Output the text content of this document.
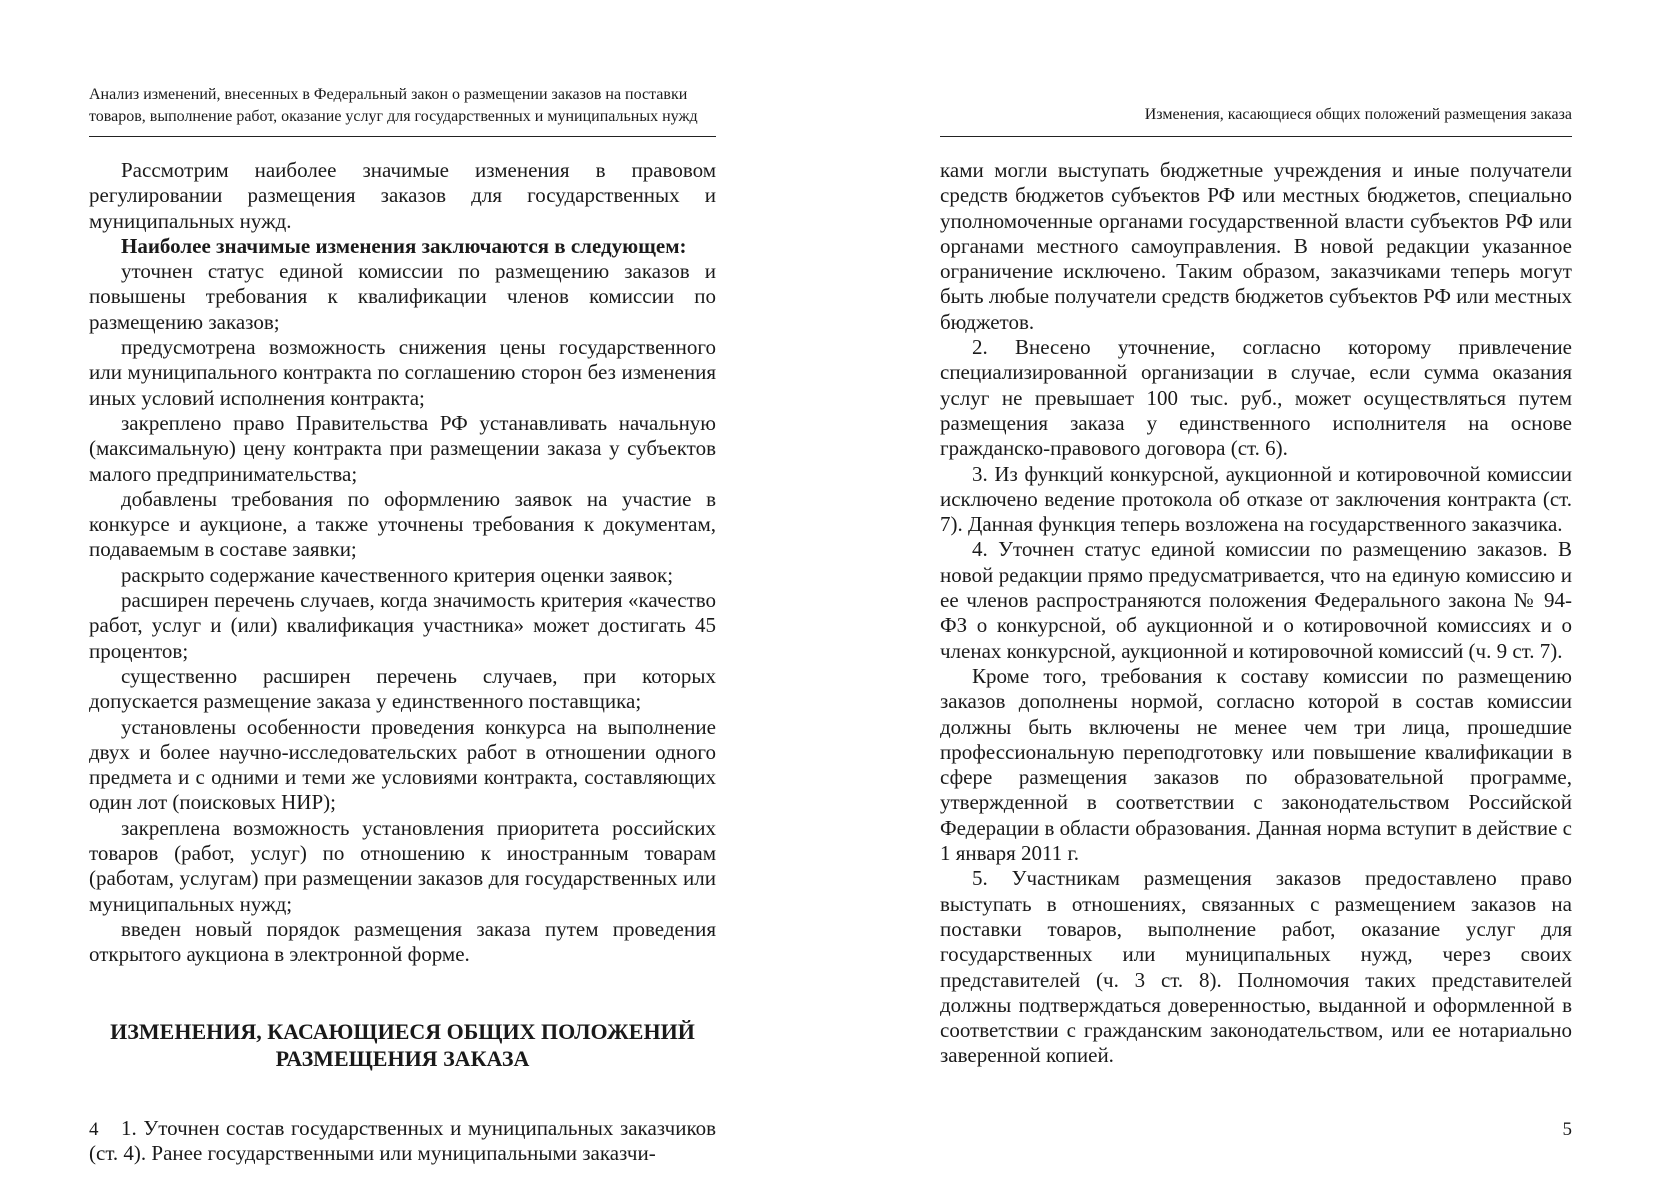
Анализ изменений, внесенных в Федеральный закон о размещении заказов на поставки
товаров, выполнение работ, оказание услуг для государственных и муниципальных нужд

Рассмотрим наиболее значимые изменения в правовом регулировании размещения заказов для государственных и муниципальных нужд.

Наиболее значимые изменения заключаются в следующем:

уточнен статус единой комиссии по размещению заказов и повышены требования к квалификации членов комиссии по размещению заказов;

предусмотрена возможность снижения цены государственного или муниципального контракта по соглашению сторон без изменения иных условий исполнения контракта;

закреплено право Правительства РФ устанавливать начальную (максимальную) цену контракта при размещении заказа у субъектов малого предпринимательства;

добавлены требования по оформлению заявок на участие в конкурсе и аукционе, а также уточнены требования к документам, подаваемым в составе заявки;

раскрыто содержание качественного критерия оценки заявок;

расширен перечень случаев, когда значимость критерия «качество работ, услуг и (или) квалификация участника» может достигать 45 процентов;

существенно расширен перечень случаев, при которых допускается размещение заказа у единственного поставщика;

установлены особенности проведения конкурса на выполнение двух и более научно-исследовательских работ в отношении одного предмета и с одними и теми же условиями контракта, составляющих один лот (поисковых НИР);

закреплена возможность установления приоритета российских товаров (работ, услуг) по отношению к иностранным товарам (работам, услугам) при размещении заказов для государственных или муниципальных нужд;

введен новый порядок размещения заказа путем проведения открытого аукциона в электронной форме.

ИЗМЕНЕНИЯ, КАСАЮЩИЕСЯ ОБЩИХ ПОЛОЖЕНИЙ
РАЗМЕЩЕНИЯ ЗАКАЗА

1. Уточнен состав государственных и муниципальных заказчиков (ст. 4). Ранее государственными или муниципальными заказчи-

4
Изменения, касающиеся общих положений размещения заказа

ками могли выступать бюджетные учреждения и иные получатели средств бюджетов субъектов РФ или местных бюджетов, специально уполномоченные органами государственной власти субъектов РФ или органами местного самоуправления. В новой редакции указанное ограничение исключено. Таким образом, заказчиками теперь могут быть любые получатели средств бюджетов субъектов РФ или местных бюджетов.

2. Внесено уточнение, согласно которому привлечение специализированной организации в случае, если сумма оказания услуг не превышает 100 тыс. руб., может осуществляться путем размещения заказа у единственного исполнителя на основе гражданско-правового договора (ст. 6).

3. Из функций конкурсной, аукционной и котировочной комиссии исключено ведение протокола об отказе от заключения контракта (ст. 7). Данная функция теперь возложена на государственного заказчика.

4. Уточнен статус единой комиссии по размещению заказов. В новой редакции прямо предусматривается, что на единую комиссию и ее членов распространяются положения Федерального закона № 94-ФЗ о конкурсной, об аукционной и о котировочной комиссиях и о членах конкурсной, аукционной и котировочной комиссий (ч. 9 ст. 7).

Кроме того, требования к составу комиссии по размещению заказов дополнены нормой, согласно которой в состав комиссии должны быть включены не менее чем три лица, прошедшие профессиональную переподготовку или повышение квалификации в сфере размещения заказов по образовательной программе, утвержденной в соответствии с законодательством Российской Федерации в области образования. Данная норма вступит в действие с 1 января 2011 г.

5. Участникам размещения заказов предоставлено право выступать в отношениях, связанных с размещением заказов на поставки товаров, выполнение работ, оказание услуг для государственных или муниципальных нужд, через своих представителей (ч. 3 ст. 8). Полномочия таких представителей должны подтверждаться доверенностью, выданной и оформленной в соответствии с гражданским законодательством, или ее нотариально заверенной копией.

5
